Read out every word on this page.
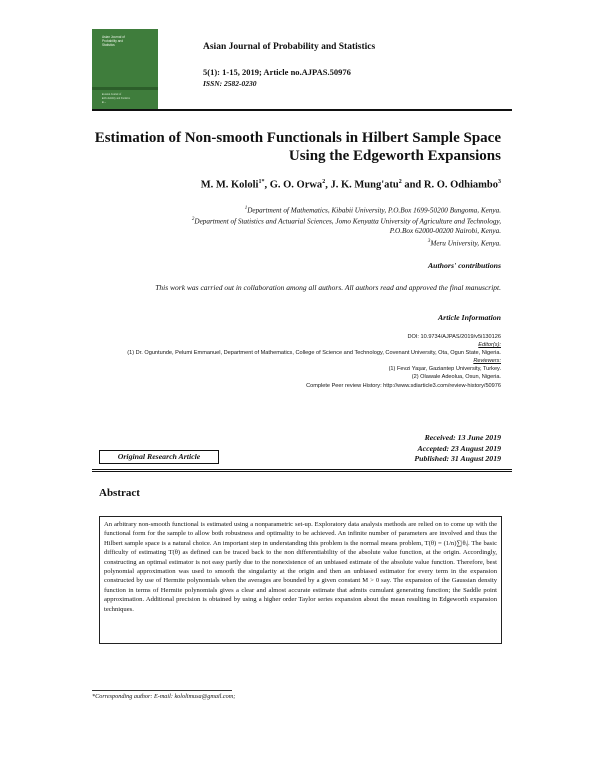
Asian Journal of
Probability and
Statistics
■ Asian Journal of
■ Probability and Statistics
■ ...
Asian Journal of Probability and Statistics
5(1): 1-15, 2019; Article no.AJPAS.50976
ISSN: 2582-0230
Estimation of Non-smooth Functionals in Hilbert Sample Space
Using the Edgeworth Expansions
M. M. Kololi$^{1*}$, G. O. Orwa$^2$, J. K. Mung'atu$^2$ and R. O. Odhiambo$^3$
$^1$Department of Mathematics, Kibabii University, P.O.Box 1699-50200 Bungoma, Kenya.
$^2$Department of Statistics and Actuarial Sciences, Jomo Kenyatta University of Agriculture and Technology,
P.O.Box 62000-00200 Nairobi, Kenya.
$^3$Meru University, Kenya.
Authors' contributions
This work was carried out in collaboration among all authors. All authors read and approved the final manuscript.
Article Information
DOI: 10.9734/AJPAS/2019/v5i130126
Editor(s):
(1) Dr. Oguntunde, Pelumi Emmanuel, Department of Mathematics, College of Science and Technology, Covenant University, Ota, Ogun State, Nigeria.
Reviewers:
(1) Fevzi Yaşar, Gaziantep University, Turkey.
(2) Olawale Adeolua, Osun, Nigeria.
Complete Peer review History: http://www.sdiarticle3.com/review-history/50976
Received: 13 June 2019
Accepted: 23 August 2019
Published: 31 August 2019
Original Research Article
Abstract
An arbitrary non-smooth functional is estimated using a nonparametric set-up. Exploratory data analysis methods are relied on to come up with the functional form for the sample to allow both robustness and optimality to be achieved. An infinite number of parameters are involved and thus the Hilbert sample space is a natural choice. An important step in understanding this problem is the normal means problem, T(θ) = (1/n)∑|θᵢ|. The basic difficulty of estimating T(θ) as defined can be traced back to the non differentiability of the absolute value function, at the origin. Accordingly, constructing an optimal estimator is not easy partly due to the nonexistence of an unbiased estimate of the absolute value function. Therefore, best polynomial approximation was used to smooth the singularity at the origin and then an unbiased estimator for every term in the expansion constructed by use of Hermite polynomials when the averages are bounded by a given constant M > 0 say. The expansion of the Gaussian density function in terms of Hermite polynomials gives a clear and almost accurate estimate that admits cumulant generating function; the Saddle point approximation. Additional precision is obtained by using a higher order Taylor series expansion about the mean resulting in Edgeworth expansion techniques.
*Corresponding author: E-mail: kololimusa@gmail.com;
